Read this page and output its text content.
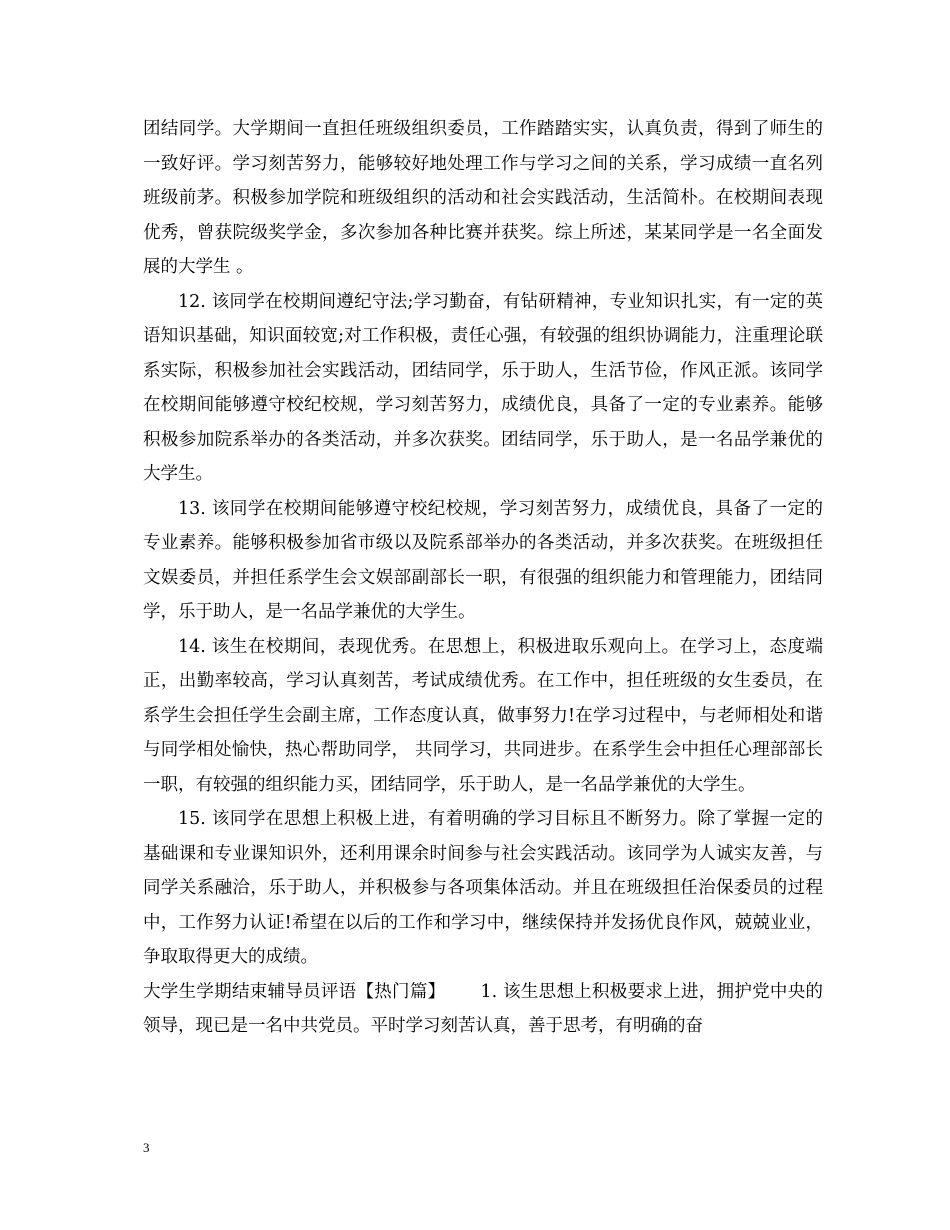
团结同学。大学期间一直担任班级组织委员，工作踏踏实实，认真负责，得到了师生的一致好评。学习刻苦努力，能够较好地处理工作与学习之间的关系，学习成绩一直名列班级前茅。积极参加学院和班级组织的活动和社会实践活动，生活简朴。在校期间表现优秀，曾获院级奖学金，多次参加各种比赛并获奖。综上所述，某某同学是一名全面发展的大学生 。

12. 该同学在校期间遵纪守法;学习勤奋，有钻研精神，专业知识扎实，有一定的英语知识基础，知识面较宽;对工作积极，责任心强，有较强的组织协调能力，注重理论联系实际，积极参加社会实践活动，团结同学，乐于助人，生活节俭，作风正派。该同学在校期间能够遵守校纪校规，学习刻苦努力，成绩优良，具备了一定的专业素养。能够积极参加院系举办的各类活动，并多次获奖。团结同学，乐于助人，是一名品学兼优的大学生。

13. 该同学在校期间能够遵守校纪校规，学习刻苦努力，成绩优良，具备了一定的专业素养。能够积极参加省市级以及院系部举办的各类活动，并多次获奖。在班级担任文娱委员，并担任系学生会文娱部副部长一职，有很强的组织能力和管理能力，团结同学，乐于助人，是一名品学兼优的大学生。

14. 该生在校期间，表现优秀。在思想上，积极进取乐观向上。在学习上，态度端正，出勤率较高，学习认真刻苦，考试成绩优秀。在工作中，担任班级的女生委员，在系学生会担任学生会副主席，工作态度认真，做事努力!在学习过程中，与老师相处和谐与同学相处愉快，热心帮助同学， 共同学习，共同进步。在系学生会中担任心理部部长一职，有较强的组织能力买，团结同学，乐于助人，是一名品学兼优的大学生。

15. 该同学在思想上积极上进，有着明确的学习目标且不断努力。除了掌握一定的基础课和专业课知识外，还利用课余时间参与社会实践活动。该同学为人诚实友善，与同学关系融洽，乐于助人，并积极参与各项集体活动。并且在班级担任治保委员的过程中，工作努力认证!希望在以后的工作和学习中，继续保持并发扬优良作风，兢兢业业，争取取得更大的成绩。

大学生学期结束辅导员评语【热门篇】      1. 该生思想上积极要求上进，拥护党中央的领导，现已是一名中共党员。平时学习刻苦认真，善于思考，有明确的奋

3
